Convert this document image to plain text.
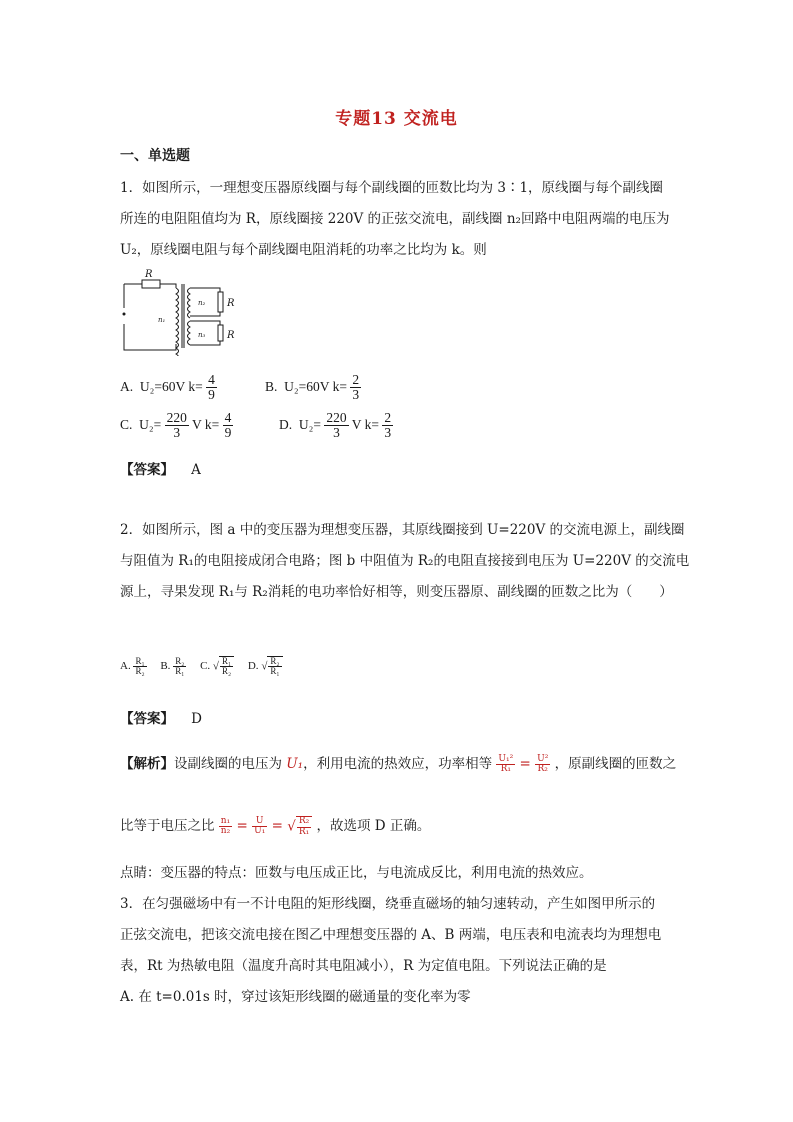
专题13 交流电
一、单选题
1．如图所示，一理想变压器原线圈与每个副线圈的匝数比均为 3∶1，原线圈与每个副线圈
所连的电阻阻值均为 R，原线圈接 220V 的正弦交流电，副线圈 n₂回路中电阻两端的电压为
U₂，原线圈电阻与每个副线圈电阻消耗的功率之比均为 k。则
R
n₁
n₂
n₃
R
R
A. U₂=60V $k= \frac{4}{9}$	B. U₂=60V $k= \frac{2}{3}$
C. $U_2= \frac{220}{3}$ V $k= \frac{4}{9}$	D. $U_2= \frac{220}{3}$ V $k= \frac{2}{3}$
【答案】 A
2．如图所示，图 a 中的变压器为理想变压器，其原线圈接到 U=220V 的交流电源上，副线圈
与阻值为 R₁的电阻接成闭合电路；图 b 中阻值为 R₂的电阻直接接到电压为 U=220V 的交流电
源上，寻果发现 R₁与 R₂消耗的电功率恰好相等，则变压器原、副线圈的匝数之比为（　　）
A. $\frac{\text{R₁}}{\text{R₂}} B$. $\frac{\text{R₂}}{\text{R₁}} C$. √ $\frac{\text{R₁}}{\text{R₂}} D$. √ $\frac{\text{R₂}}{\text{R₁}}$
【答案】 D
【解析】设副线圈的电压为 U₁，利用电流的热效应，功率相等 $\frac{\text{U₁²}}{\text{R₁}} = \frac{\text{U²}}{\text{R₂}}$ ，原副线圈的匝数之
比等于电压之比 $\frac{\text{n₁}}{\text{n₂}} = \frac{U}{\text{U₁}}$ = √ $\frac{\text{R₂}}{\text{R₁}}$ ，故选项 D 正确。
点睛：变压器的特点：匝数与电压成正比，与电流成反比，利用电流的热效应。
3．在匀强磁场中有一不计电阻的矩形线圈，绕垂直磁场的轴匀速转动，产生如图甲所示的
正弦交流电，把该交流电接在图乙中理想变压器的 A、B 两端，电压表和电流表均为理想电
表，Rt 为热敏电阻（温度升高时其电阻减小），R 为定值电阻。下列说法正确的是
A. 在 t=0.01s 时，穿过该矩形线圈的磁通量的变化率为零
